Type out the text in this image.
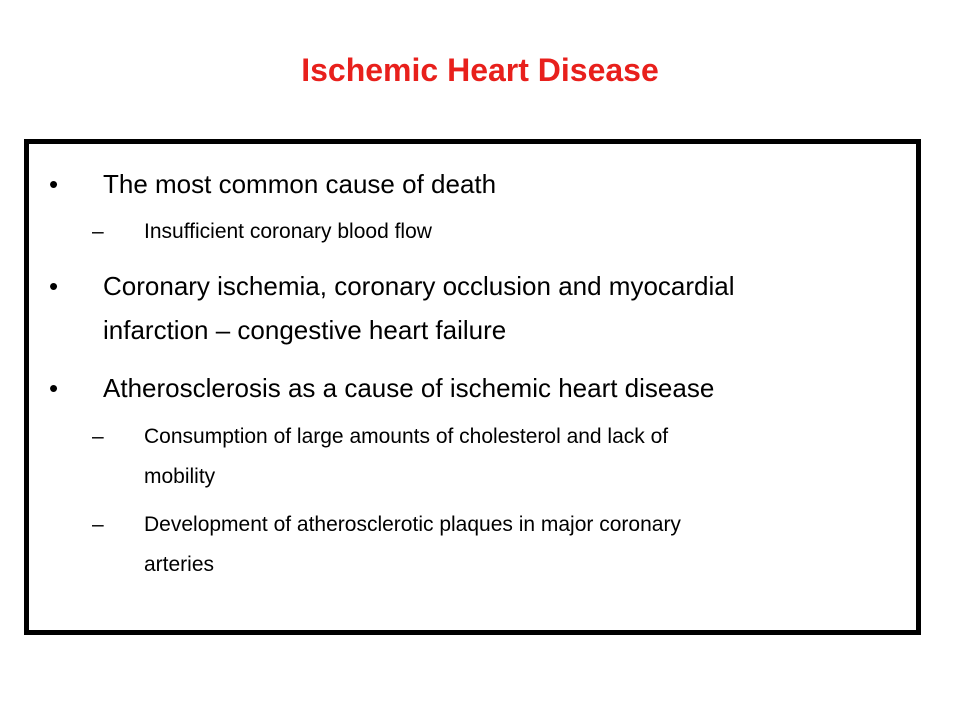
Ischemic Heart Disease
• The most common cause of death
– Insufficient coronary blood flow
• Coronary ischemia, coronary occlusion and myocardial
infarction – congestive heart failure
• Atherosclerosis as a cause of ischemic heart disease
– Consumption of large amounts of cholesterol and lack of
mobility
– Development of atherosclerotic plaques in major coronary
arteries
